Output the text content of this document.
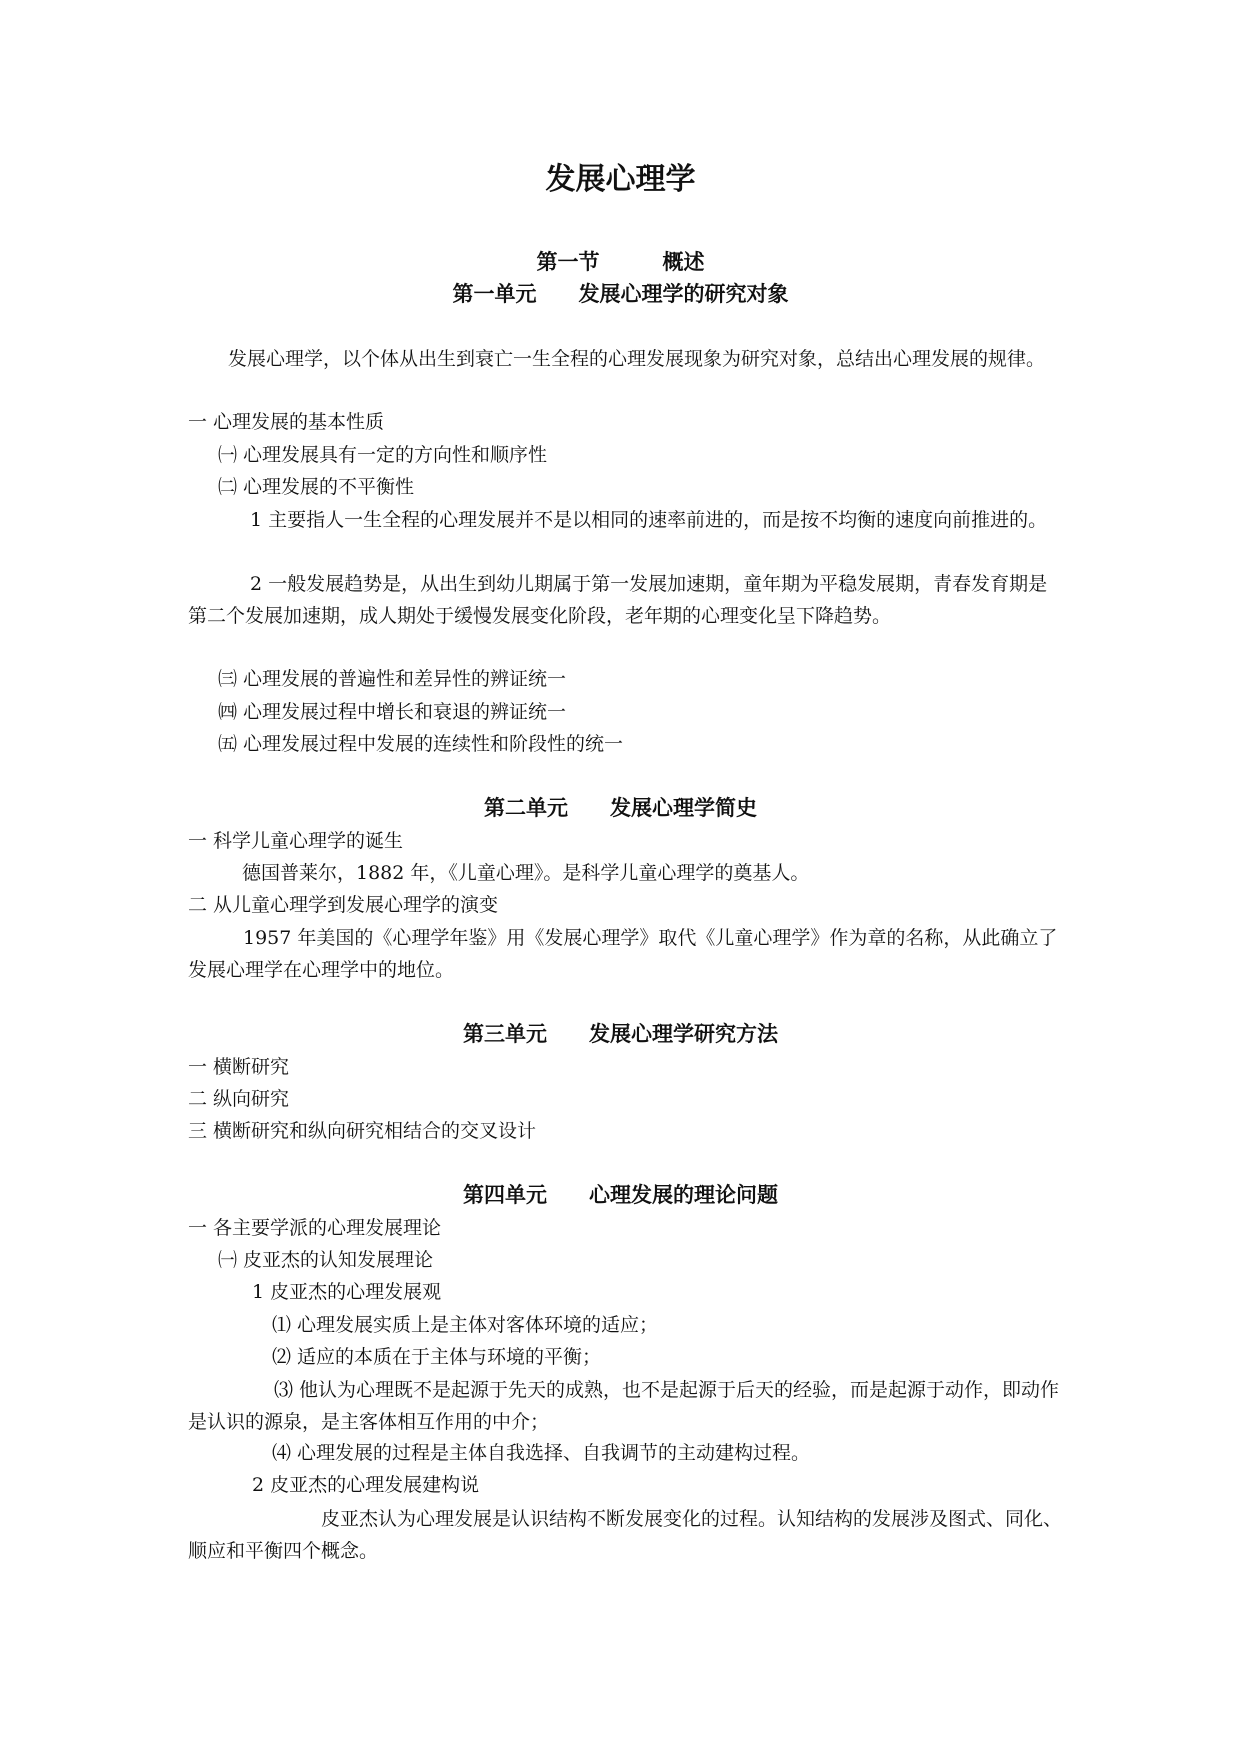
发展心理学
第一节　　　概述
第一单元　　发展心理学的研究对象
发展心理学，以个体从出生到衰亡一生全程的心理发展现象为研究对象，总结出心理发展的规律。
一 心理发展的基本性质
㈠ 心理发展具有一定的方向性和顺序性
㈡ 心理发展的不平衡性
1 主要指人一生全程的心理发展并不是以相同的速率前进的，而是按不均衡的速度向前推进的。
2 一般发展趋势是，从出生到幼儿期属于第一发展加速期，童年期为平稳发展期，青春发育期是第二个发展加速期，成人期处于缓慢发展变化阶段，老年期的心理变化呈下降趋势。
㈢ 心理发展的普遍性和差异性的辨证统一
㈣ 心理发展过程中增长和衰退的辨证统一
㈤ 心理发展过程中发展的连续性和阶段性的统一
第二单元　　发展心理学简史
一 科学儿童心理学的诞生
德国普莱尔，1882 年，《儿童心理》。是科学儿童心理学的奠基人。
二 从儿童心理学到发展心理学的演变
1957 年美国的《心理学年鉴》用《发展心理学》取代《儿童心理学》作为章的名称，从此确立了发展心理学在心理学中的地位。
第三单元　　发展心理学研究方法
一 横断研究
二 纵向研究
三 横断研究和纵向研究相结合的交叉设计
第四单元　　心理发展的理论问题
一 各主要学派的心理发展理论
㈠ 皮亚杰的认知发展理论
1 皮亚杰的心理发展观
⑴ 心理发展实质上是主体对客体环境的适应；
⑵ 适应的本质在于主体与环境的平衡；
⑶ 他认为心理既不是起源于先天的成熟，也不是起源于后天的经验，而是起源于动作，即动作是认识的源泉，是主客体相互作用的中介；
⑷ 心理发展的过程是主体自我选择、自我调节的主动建构过程。
2 皮亚杰的心理发展建构说
皮亚杰认为心理发展是认识结构不断发展变化的过程。认知结构的发展涉及图式、同化、顺应和平衡四个概念。
